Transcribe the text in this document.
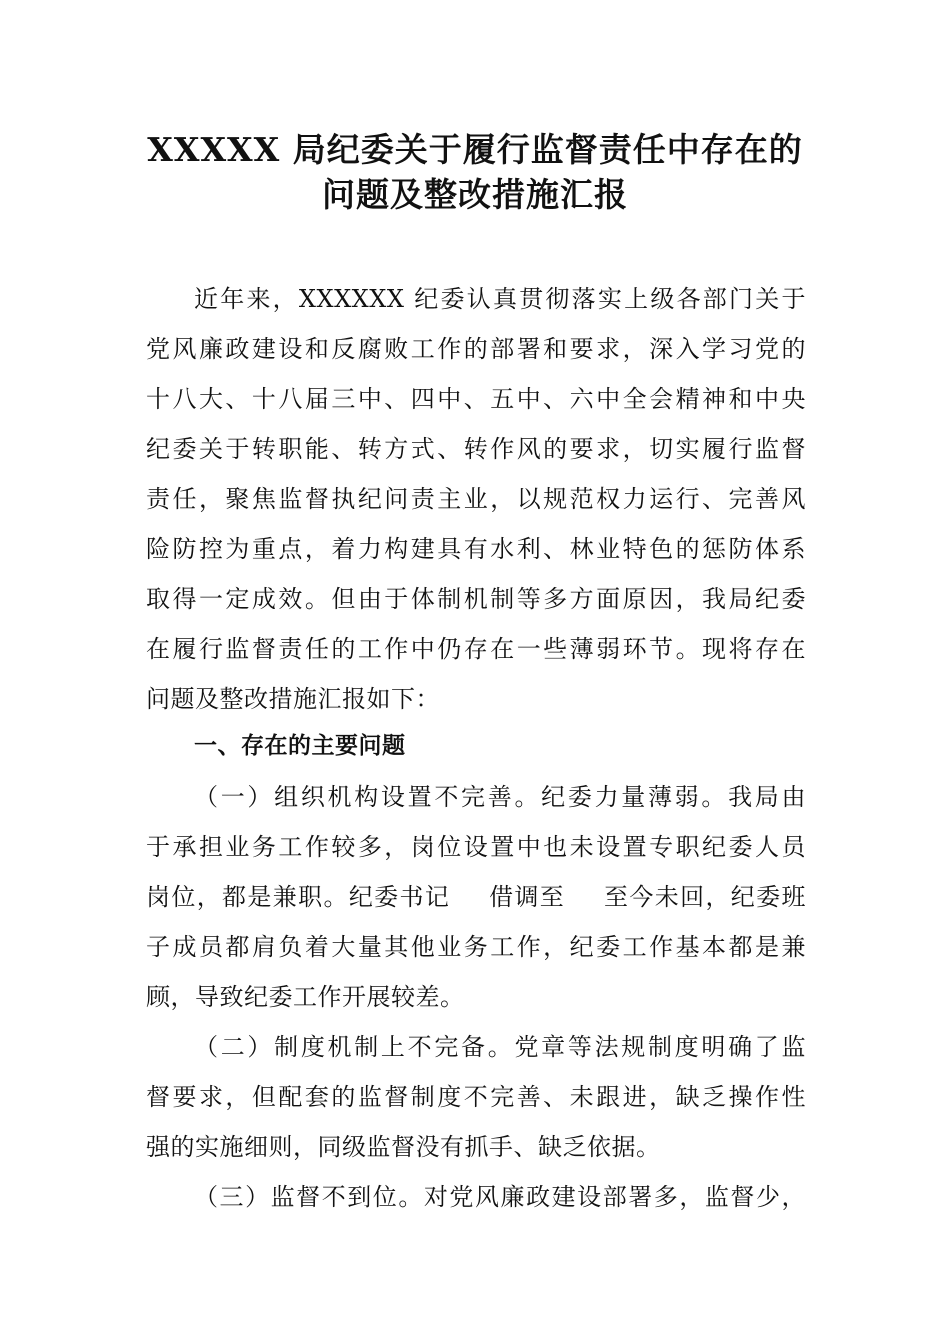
XXXXX 局纪委关于履行监督责任中存在的
问题及整改措施汇报
近年来，XXXXXX 纪委认真贯彻落实上级各部门关于
党风廉政建设和反腐败工作的部署和要求，深入学习党的
十八大、十八届三中、四中、五中、六中全会精神和中央
纪委关于转职能、转方式、转作风的要求，切实履行监督
责任，聚焦监督执纪问责主业，以规范权力运行、完善风
险防控为重点，着力构建具有水利、林业特色的惩防体系
取得一定成效。但由于体制机制等多方面原因，我局纪委
在履行监督责任的工作中仍存在一些薄弱环节。现将存在
问题及整改措施汇报如下：
一、存在的主要问题
（一）组织机构设置不完善。纪委力量薄弱。我局由
于承担业务工作较多，岗位设置中也未设置专职纪委人员
岗位，都是兼职。纪委书记 借调至 至今未回，纪委班
子成员都肩负着大量其他业务工作，纪委工作基本都是兼
顾，导致纪委工作开展较差。
（二）制度机制上不完备。党章等法规制度明确了监
督要求，但配套的监督制度不完善、未跟进，缺乏操作性
强的实施细则，同级监督没有抓手、缺乏依据。
（三）监督不到位。对党风廉政建设部署多，监督少，
